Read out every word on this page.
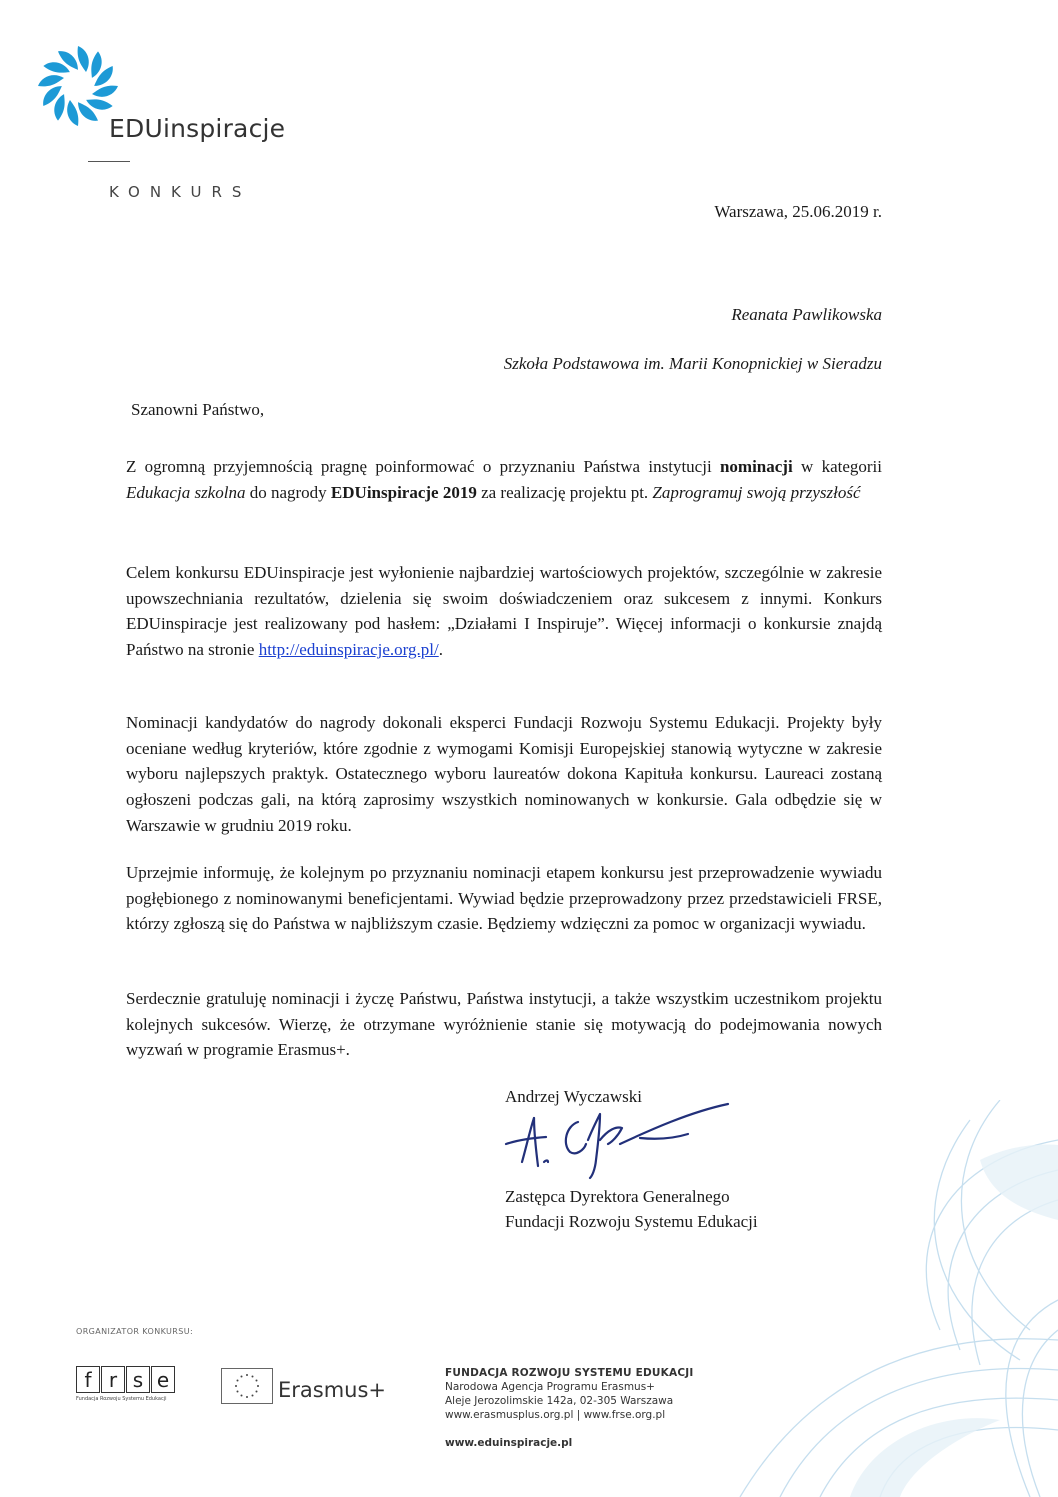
EDUinspiracje
KONKURS
Warszawa, 25.06.2019 r.
Reanata Pawlikowska
Szkoła Podstawowa im. Marii Konopnickiej w Sieradzu
Szanowni Państwo,

Z ogromną przyjemnością pragnę poinformować o przyznaniu Państwa instytucji nominacji w kategorii Edukacja szkolna do nagrody EDUinspiracje 2019 za realizację projektu pt. Zaprogramuj swoją przyszłość

Celem konkursu EDUinspiracje jest wyłonienie najbardziej wartościowych projektów, szczególnie w zakresie upowszechniania rezultatów, dzielenia się swoim doświadczeniem oraz sukcesem z innymi. Konkurs EDUinspiracje jest realizowany pod hasłem: „Działami I Inspiruje”. Więcej informacji o konkursie znajdą Państwo na stronie http://eduinspiracje.org.pl/.

Nominacji kandydatów do nagrody dokonali eksperci Fundacji Rozwoju Systemu Edukacji. Projekty były oceniane według kryteriów, które zgodnie z wymogami Komisji Europejskiej stanowią wytyczne w zakresie wyboru najlepszych praktyk. Ostatecznego wyboru laureatów dokona Kapituła konkursu. Laureaci zostaną ogłoszeni podczas gali, na którą zaprosimy wszystkich nominowanych w konkursie. Gala odbędzie się w Warszawie w grudniu 2019 roku.

Uprzejmie informuję, że kolejnym po przyznaniu nominacji etapem konkursu jest przeprowadzenie wywiadu pogłębionego z nominowanymi beneficjentami. Wywiad będzie przeprowadzony przez przedstawicieli FRSE, którzy zgłoszą się do Państwa w najbliższym czasie. Będziemy wdzięczni za pomoc w organizacji wywiadu.

Serdecznie gratuluję nominacji i życzę Państwu, Państwa instytucji, a także wszystkim uczestnikom projektu kolejnych sukcesów. Wierzę, że otrzymane wyróżnienie stanie się motywacją do podejmowania nowych wyzwań w programie Erasmus+.

Andrzej Wyczawski
Zastępca Dyrektora Generalnego
Fundacji Rozwoju Systemu Edukacji
ORGANIZATOR KONKURSU:
f r s e
Fundacja Rozwoju Systemu Edukacji	Erasmus+
FUNDACJA ROZWOJU SYSTEMU EDUKACJI
Narodowa Agencja Programu Erasmus+
Aleje Jerozolimskie 142a, 02-305 Warszawa
www.erasmusplus.org.pl | www.frse.org.pl
www.eduinspiracje.pl
